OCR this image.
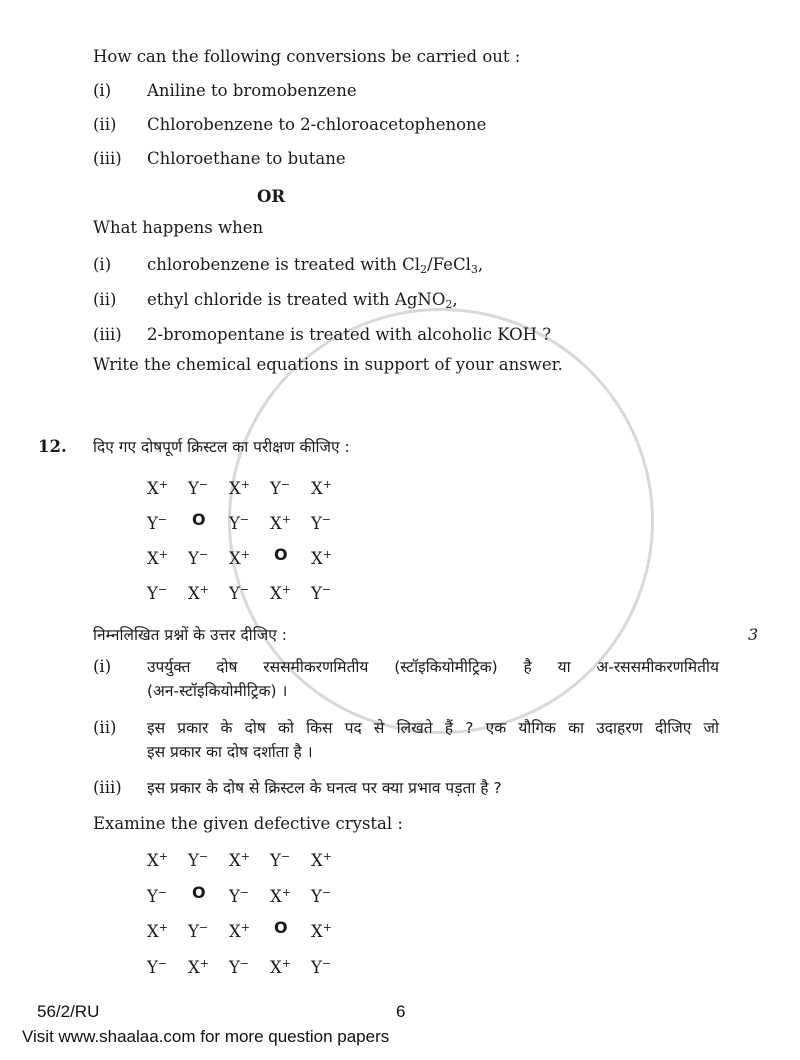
How can the following conversions be carried out :
(i) Aniline to bromobenzene
(ii) Chlorobenzene to 2-chloroacetophenone
(iii) Chloroethane to butane
OR
What happens when
(i) chlorobenzene is treated with $Cl_2/FeCl_3$,
(ii) ethyl chloride is treated with AgNO$_2$,
(iii) 2-bromopentane is treated with alcoholic KOH ?
Write the chemical equations in support of your answer.
12. दिए गए दोषपूर्ण क्रिस्टल का परीक्षण कीजिए :
X+	Y−	X+	Y−	X+
Y−	O	Y−	X+	Y−
X+	Y−	X+	O	X+
Y−	X+	Y−	X+	Y−
निम्नलिखित प्रश्नों के उत्तर दीजिए :	3
(i) उपर्युक्त दोष रससमीकरणमितीय (स्टॉइकियोमीट्रिक) है या अ-रससमीकरणमितीय
(अन-स्टॉइकियोमीट्रिक) ।
(ii) इस प्रकार के दोष को किस पद से लिखते हैं ? एक यौगिक का उदाहरण दीजिए जो
इस प्रकार का दोष दर्शाता है ।
(iii) इस प्रकार के दोष से क्रिस्टल के घनत्व पर क्या प्रभाव पड़ता है ?
Examine the given defective crystal :
X+	Y−	X+	Y−	X+
Y−	O	Y−	X+	Y−
X+	Y−	X+	O	X+
Y−	X+	Y−	X+	Y−
56/2/RU	6
Visit www.shaalaa.com for more question papers
